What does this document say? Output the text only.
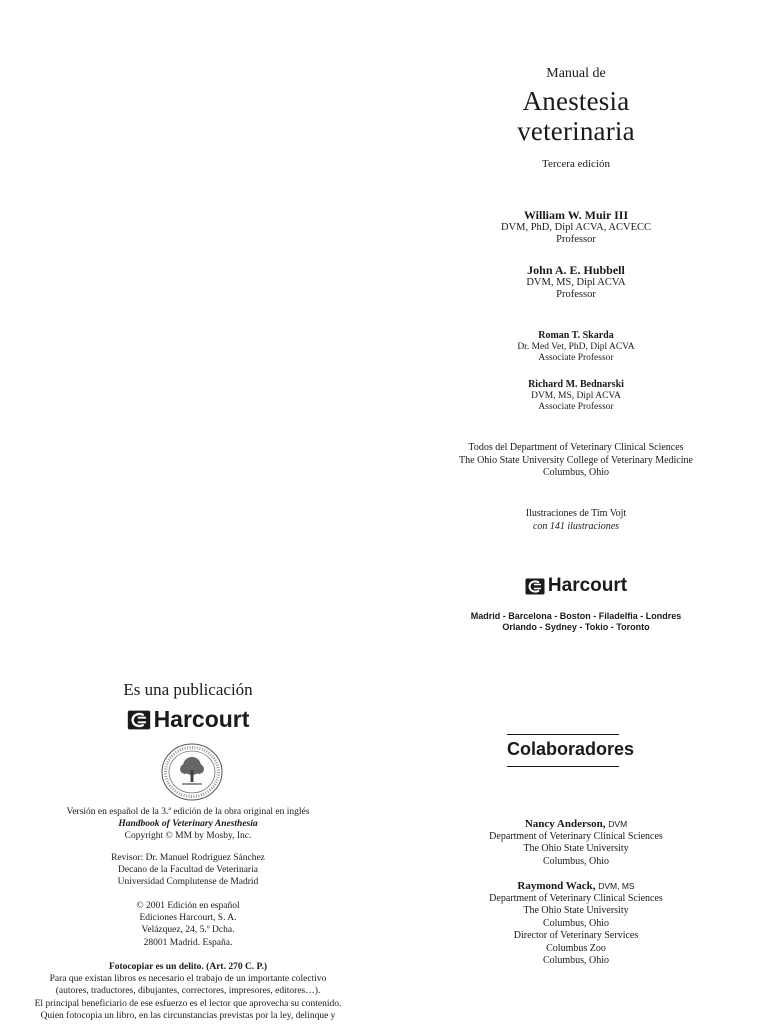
Manual de
Anestesia
veterinaria
Tercera edición
William W. Muir III
DVM, PhD, Dipl ACVA, ACVECC
Professor
John A. E. Hubbell
DVM, MS, Dipl ACVA
Professor
Roman T. Skarda
Dr. Med Vet, PhD, Dipl ACVA
Associate Professor
Richard M. Bednarski
DVM, MS, Dipl ACVA
Associate Professor
Todos del Department of Veterinary Clinical Sciences
The Ohio State University College of Veterinary Medicine
Columbus, Ohio
Ilustraciones de Tim Vojt
con 141 ilustraciones
Harcourt
Madrid - Barcelona - Boston - Filadelfia - Londres
Orlando - Sydney - Tokio - Toronto
Es una publicación
Harcourt
Versión en español de la 3.ª edición de la obra original en inglés
Handbook of Veterinary Anesthesia
Copyright © MM by Mosby, Inc.
Revisor: Dr. Manuel Rodríguez Sánchez
Decano de la Facultad de Veterinaria
Universidad Complutense de Madrid
© 2001 Edición en español
Ediciones Harcourt, S. A.
Velázquez, 24, 5.º Dcha.
28001 Madrid. España.
Fotocopiar es un delito. (Art. 270 C. P.)
Para que existan libros es necesario el trabajo de un importante colectivo
(autores, traductores, dibujantes, correctores, impresores, editores…).
El principal beneficiario de ese esfuerzo es el lector que aprovecha su contenido.
Quien fotocopia un libro, en las circunstancias previstas por la ley, delinque y
Colaboradores
Nancy Anderson, DVM
Department of Veterinary Clinical Sciences
The Ohio State University
Columbus, Ohio
Raymond Wack, DVM, MS
Department of Veterinary Clinical Sciences
The Ohio State University
Columbus, Ohio
Director of Veterinary Services
Columbus Zoo
Columbus, Ohio
